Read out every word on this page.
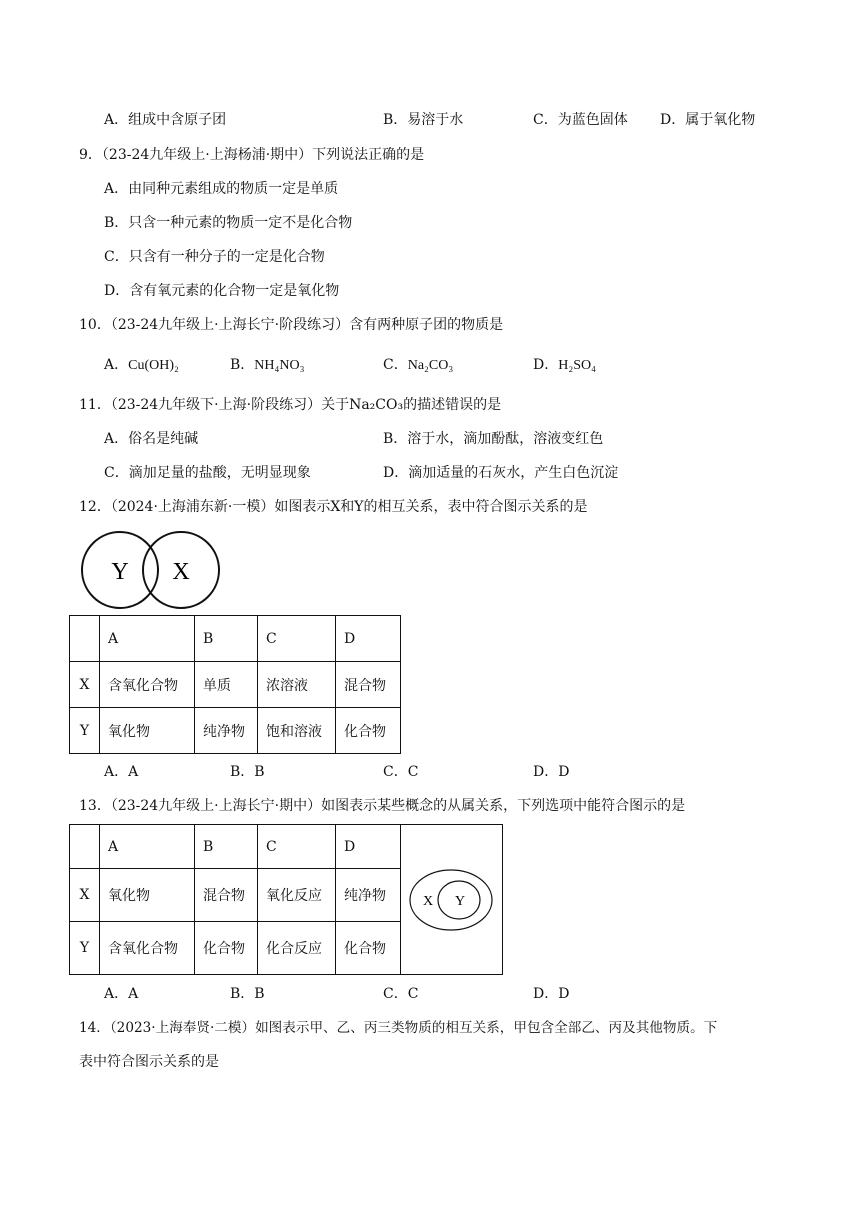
A．组成中含原子团	B．易溶于水	C．为蓝色固体 D．属于氧化物
9．（23-24九年级上·上海杨浦·期中）下列说法正确的是
A．由同种元素组成的物质一定是单质
B．只含一种元素的物质一定不是化合物
C．只含有一种分子的一定是化合物
D．含有氧元素的化合物一定是氧化物
10．（23-24九年级上·上海长宁·阶段练习）含有两种原子团的物质是
A．Cu(OH)₂	B．NH₄NO₃	C．Na₂CO₃	D．H₂SO₄
11．（23-24九年级下·上海·阶段练习）关于Na₂CO₃的描述错误的是
A．俗名是纯碱	B．溶于水，滴加酚酞，溶液变红色
C．滴加足量的盐酸，无明显现象	D．滴加适量的石灰水，产生白色沉淀
12．（2024·上海浦东新·一模）如图表示X和Y的相互关系，表中符合图示关系的是
Y X
	A	B	C	D
X	含氧化合物	单质	浓溶液	混合物
Y	氧化物	纯净物	饱和溶液	化合物
A．A	B．B	C．C	D．D
13．（23-24九年级上·上海长宁·期中）如图表示某些概念的从属关系，下列选项中能符合图示的是
	A	B	C	D	X Y

X	氧化物	混合物	氧化反应	纯净物	
Y	含氧化合物	化合物	化合反应	化合物	
A．A	B．B	C．C	D．D
14．（2023·上海奉贤·二模）如图表示甲、乙、丙三类物质的相互关系，甲包含全部乙、丙及其他物质。下
表中符合图示关系的是
